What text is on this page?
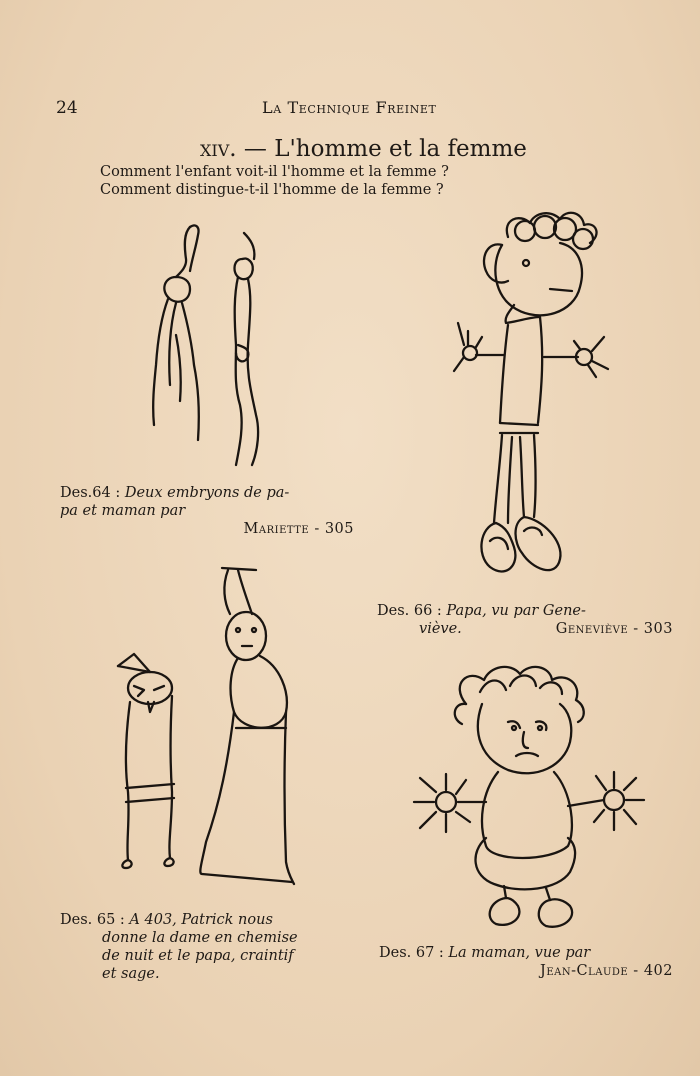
24	La Technique Freinet
xiv. — L'homme et la femme
Comment l'enfant voit-il l'homme et la femme ?
Comment distingue-t-il l'homme de la femme ?
Des.64 : Deux embryons de pa-
pa et maman par
Mariette - 305
Des. 66 : Papa, vu par Gene-
viève.	Geneviève - 303
Des. 65 : A 403, Patrick nous
donne la dame en chemise
de nuit et le papa, craintif
et sage.
Des. 67 : La maman, vue par
Jean-Claude - 402
